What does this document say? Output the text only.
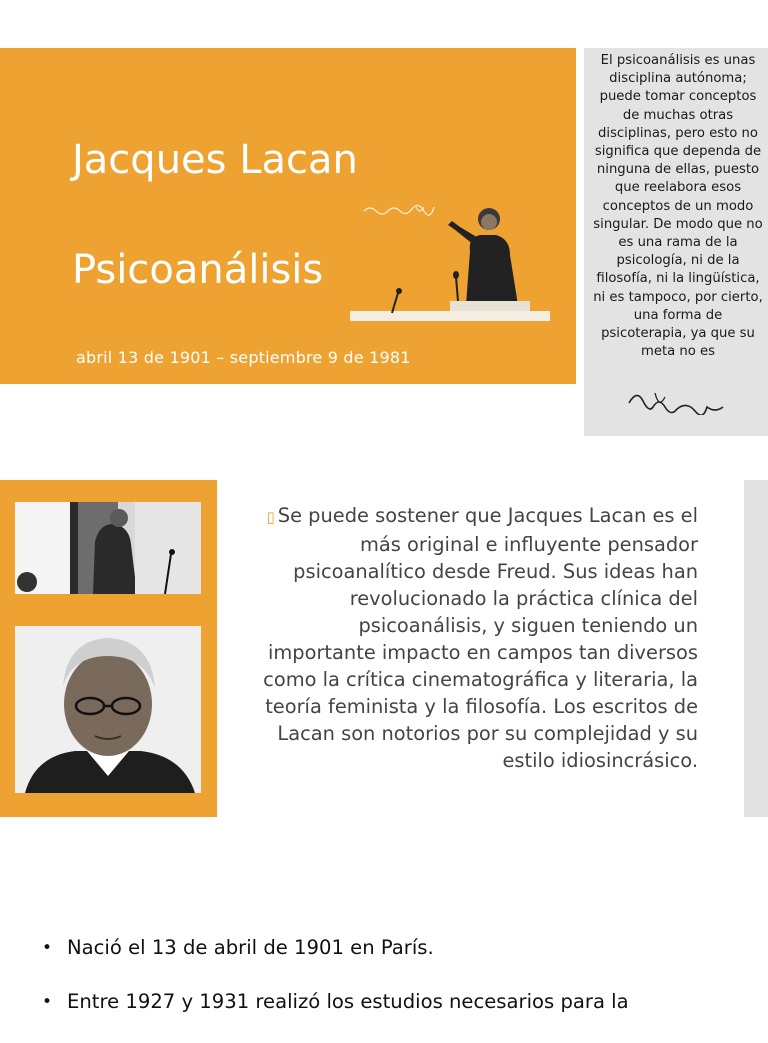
Jacques Lacan
Psicoanálisis
abril 13 de 1901 – septiembre 9 de 1981

El psicoanálisis es unas disciplina autónoma; puede tomar conceptos de muchas otras disciplinas, pero esto no significa que dependa de ninguna de ellas, puesto que reelabora esos conceptos de un modo singular. De modo que no es una rama de la psicología, ni de la filosofía, ni la lingüística, ni es tampoco, por cierto, una forma de psicoterapia, ya que su meta no es

▯ Se puede sostener que Jacques Lacan es el más original e influyente pensador psicoanalítico desde Freud. Sus ideas han revolucionado la práctica clínica del psicoanálisis, y siguen teniendo un importante impacto en campos tan diversos como la crítica cinematográfica y literaria, la teoría feminista y la filosofía. Los escritos de Lacan son notorios por su complejidad y su estilo idiosincrásico.
• Nació el 13 de abril de 1901 en París.
• Entre 1927 y 1931 realizó los estudios necesarios para la
